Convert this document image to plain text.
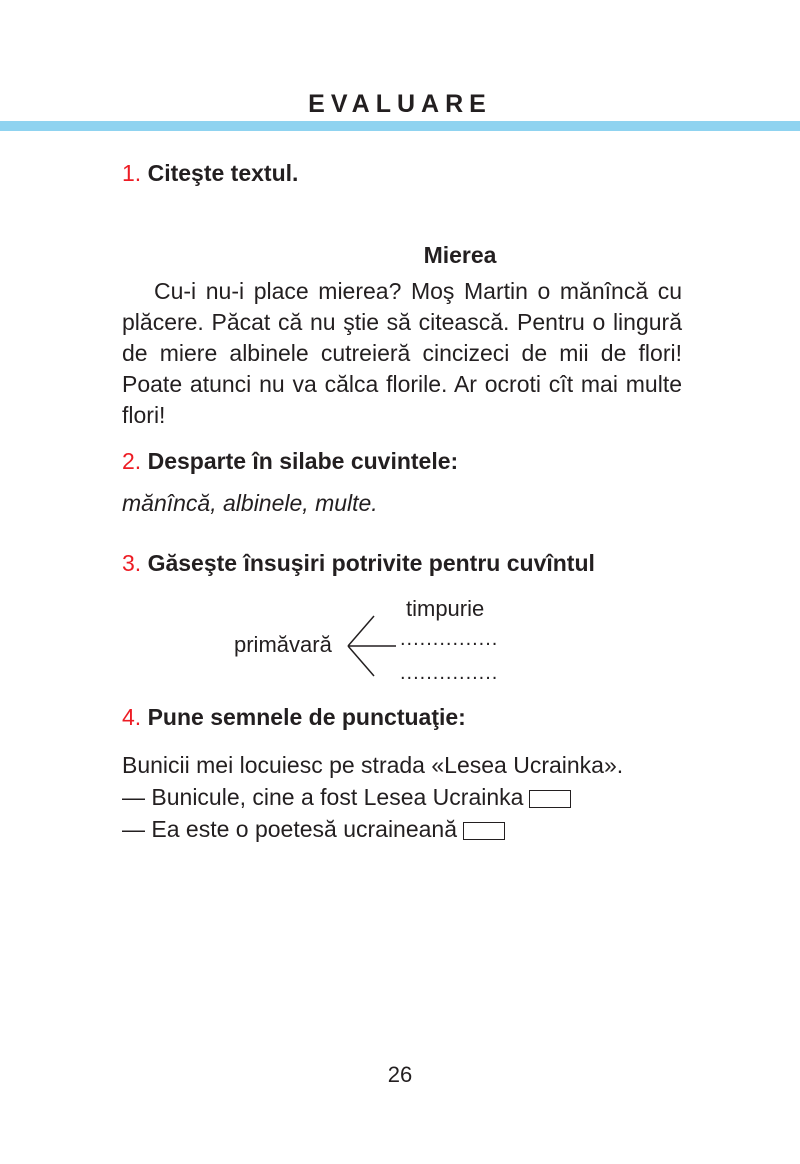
EVALUARE
1. Citeşte textul.
Mierea
Cu-i nu-i place mierea? Moş Martin o mănîncă cu plăcere. Păcat că nu ştie să citească. Pentru o lingură de miere albinele cutreieră cincizeci de mii de flori! Poate atunci nu va călca florile. Ar ocroti cît mai multe flori!
2. Desparte în silabe cuvintele:
mănîncă, albinele, multe.
3. Găseşte însuşiri potrivite pentru cuvîntul
primăvară
timpurie
...............
...............
4. Pune semnele de punctuaţie:
Bunicii mei locuiesc pe strada «Lesea Ucrainka».
— Bunicule, cine a fost Lesea Ucrainka
— Ea este o poetesă ucraineană
26
